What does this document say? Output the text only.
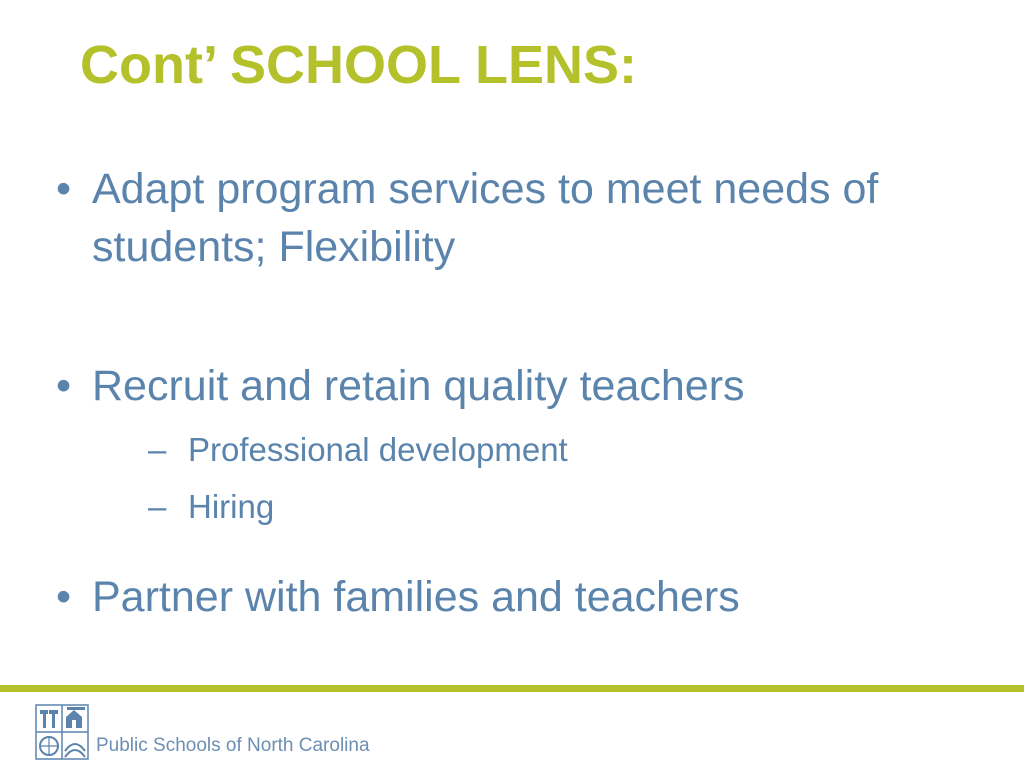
Cont’ SCHOOL LENS:
• Adapt program services to meet needs of students; Flexibility
• Recruit and retain quality teachers
– Professional development
– Hiring
• Partner with families and teachers
Public Schools of North Carolina
